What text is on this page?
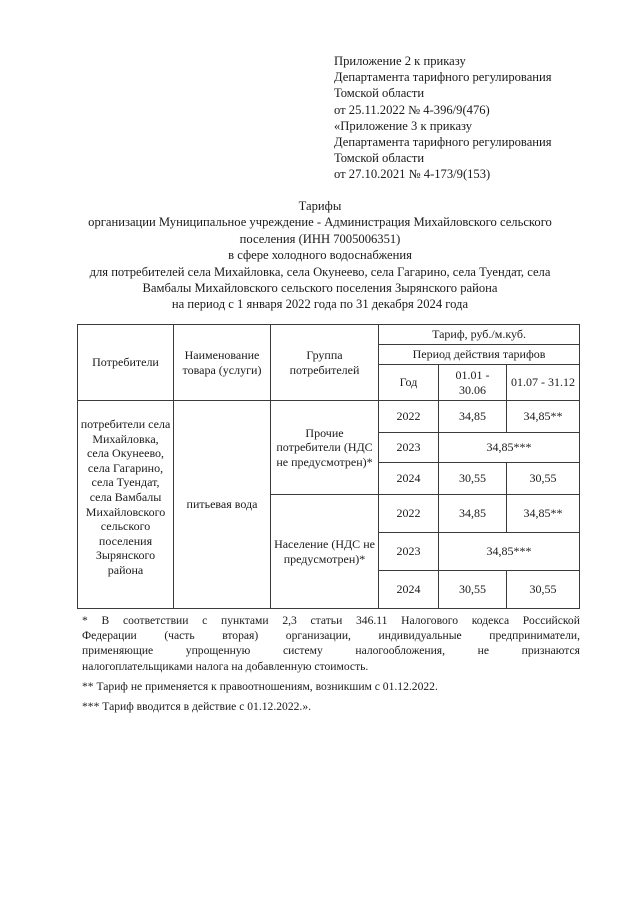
Приложение 2 к приказу
Департамента тарифного регулирования
Томской области
от 25.11.2022 № 4-396/9(476)
«Приложение 3 к приказу
Департамента тарифного регулирования
Томской области
от 27.10.2021 № 4-173/9(153)
Тарифы
организации Муниципальное учреждение - Администрация Михайловского сельского
поселения (ИНН 7005006351)
в сфере холодного водоснабжения
для потребителей села Михайловка, села Окунеево, села Гагарино, села Туендат, села
Вамбалы Михайловского сельского поселения Зырянского района
на период с 1 января 2022 года по 31 декабря 2024 года
Потребители	Наименование товара (услуги)	Группа потребителей	Тариф, руб./м.куб.		
			Период действия тарифов		
			Год	01.01 - 30.06	01.07 - 31.12
потребители села Михайловка, села Окунеево, села Гагарино, села Туендат, села Вамбалы Михайловского сельского поселения Зырянского района	питьевая вода	Прочие потребители (НДС не предусмотрен)*	2022	34,85	34,85**
			2023	34,85***	
			2024	30,55	30,55
		Население (НДС не предусмотрен)*	2022	34,85	34,85**
			2023	34,85***	
			2024	30,55	30,55
* В соответствии с пунктами 2,3 статьи 346.11 Налогового кодекса Российской
Федерации (часть вторая) организации, индивидуальные предприниматели,
применяющие	упрощенную	систему	налогообложения,	не	признаются
налогоплательщиками налога на добавленную стоимость.
** Тариф не применяется к правоотношениям, возникшим с 01.12.2022.
*** Тариф вводится в действие с 01.12.2022.».
